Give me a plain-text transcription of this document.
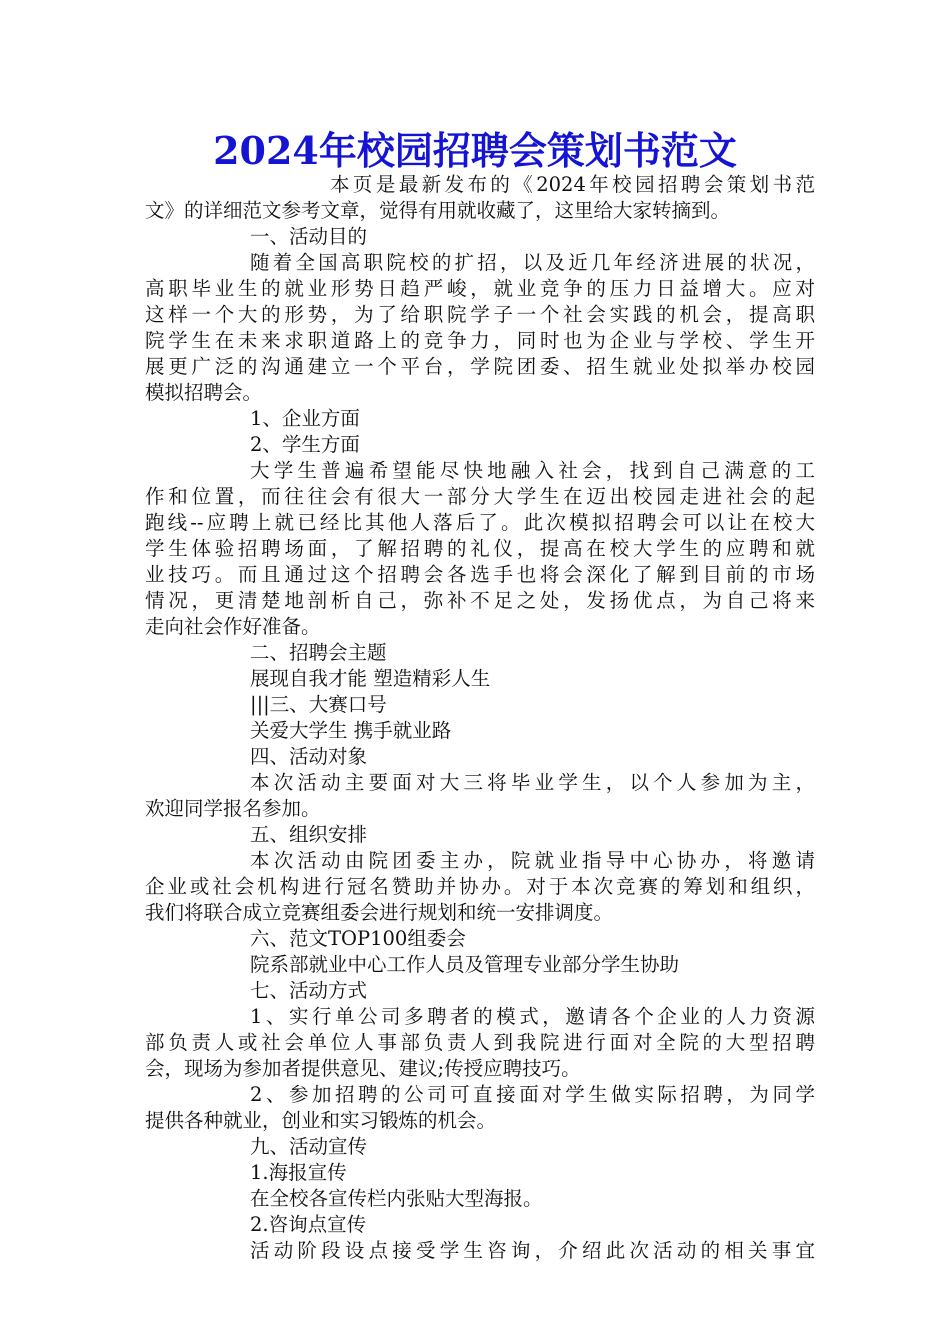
2024年校园招聘会策划书范文
本页是最新发布的《2024年校园招聘会策划书范
文》的详细范文参考文章，觉得有用就收藏了，这里给大家转摘到。
一、活动目的
随着全国高职院校的扩招，以及近几年经济进展的状况，
高职毕业生的就业形势日趋严峻，就业竞争的压力日益增大。应对
这样一个大的形势，为了给职院学子一个社会实践的机会，提高职
院学生在未来求职道路上的竞争力，同时也为企业与学校、学生开
展更广泛的沟通建立一个平台，学院团委、招生就业处拟举办校园
模拟招聘会。
1、企业方面
2、学生方面
大学生普遍希望能尽快地融入社会，找到自己满意的工
作和位置，而往往会有很大一部分大学生在迈出校园走进社会的起
跑线--应聘上就已经比其他人落后了。此次模拟招聘会可以让在校大
学生体验招聘场面，了解招聘的礼仪，提高在校大学生的应聘和就
业技巧。而且通过这个招聘会各选手也将会深化了解到目前的市场
情况，更清楚地剖析自己，弥补不足之处，发扬优点，为自己将来
走向社会作好准备。
二、招聘会主题
展现自我才能 塑造精彩人生
|||三、大赛口号
关爱大学生 携手就业路
四、活动对象
本次活动主要面对大三将毕业学生，以个人参加为主，
欢迎同学报名参加。
五、组织安排
本次活动由院团委主办，院就业指导中心协办，将邀请
企业或社会机构进行冠名赞助并协办。对于本次竞赛的筹划和组织，
我们将联合成立竞赛组委会进行规划和统一安排调度。
六、范文TOP100组委会
院系部就业中心工作人员及管理专业部分学生协助
七、活动方式
1、实行单公司多聘者的模式，邀请各个企业的人力资源
部负责人或社会单位人事部负责人到我院进行面对全院的大型招聘
会，现场为参加者提供意见、建议;传授应聘技巧。
2、参加招聘的公司可直接面对学生做实际招聘，为同学
提供各种就业，创业和实习锻炼的机会。
九、活动宣传
1.海报宣传
在全校各宣传栏内张贴大型海报。
2.咨询点宣传
活动阶段设点接受学生咨询，介绍此次活动的相关事宜
